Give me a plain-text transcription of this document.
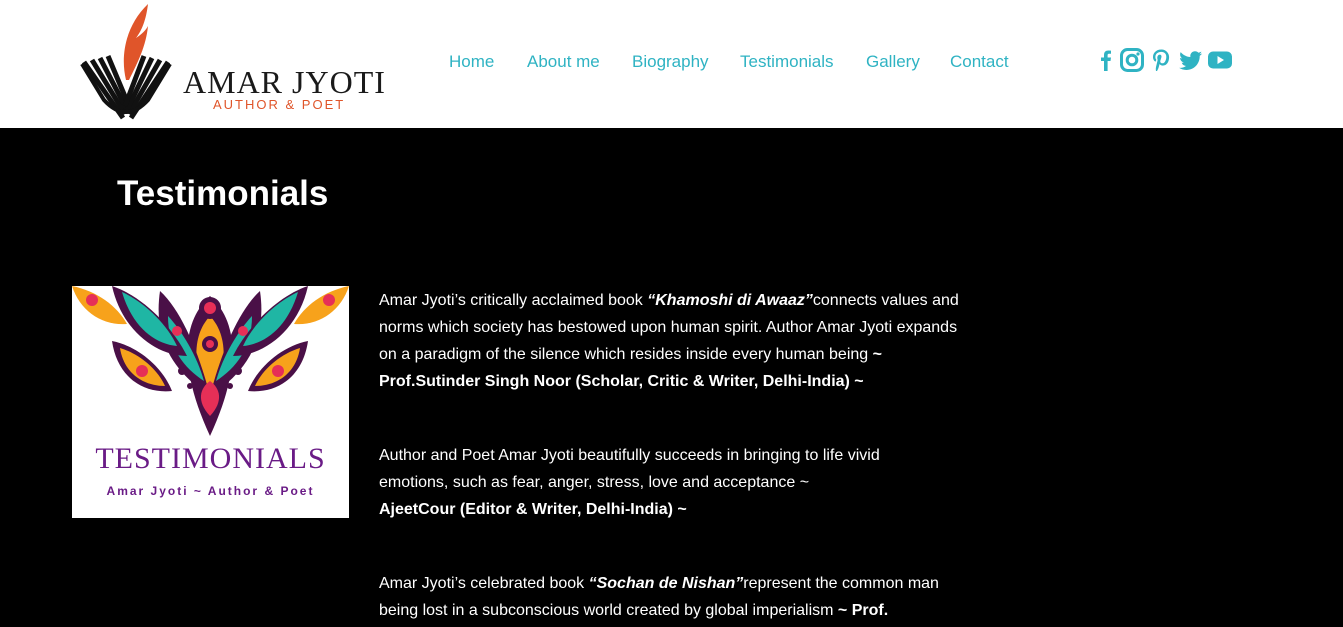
AMAR JYOTI
AUTHOR & POET
Home About me Biography Testimonials Gallery Contact
Testimonials
TESTIMONIALS
Amar Jyoti ~ Author & Poet

Amar Jyoti’s critically acclaimed book “Khamoshi di Awaaz”connects values and norms which society has bestowed upon human spirit. Author Amar Jyoti expands on a paradigm of the silence which resides inside every human being ~ Prof.Sutinder Singh Noor (Scholar, Critic & Writer, Delhi-India) ~

Author and Poet Amar Jyoti beautifully succeeds in bringing to life vivid emotions, such as fear, anger, stress, love and acceptance ~
AjeetCour (Editor & Writer, Delhi-India) ~

Amar Jyoti’s celebrated book “Sochan de Nishan”represent the common man being lost in a subconscious world created by global imperialism ~ Prof.
